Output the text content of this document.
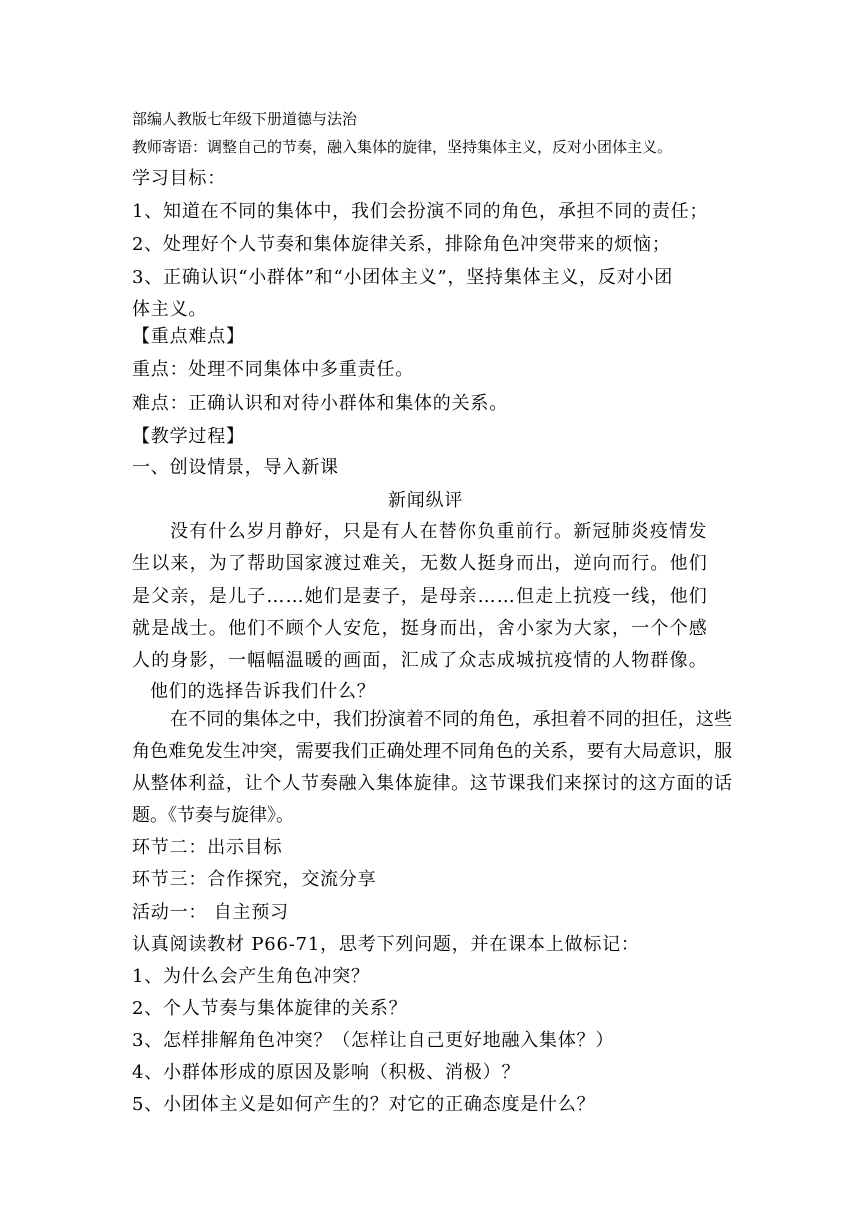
部编人教版七年级下册道德与法治
教师寄语：调整自己的节奏，融入集体的旋律，坚持集体主义，反对小团体主义。
学习目标：
1、知道在不同的集体中，我们会扮演不同的角色，承担不同的责任；
2、处理好个人节奏和集体旋律关系，排除角色冲突带来的烦恼；
3、正确认识“小群体”和“小团体主义”，坚持集体主义，反对小团
体主义。
【重点难点】
重点：处理不同集体中多重责任。
难点：正确认识和对待小群体和集体的关系。
【教学过程】
一、创设情景，导入新课
新闻纵评
没有什么岁月静好，只是有人在替你负重前行。新冠肺炎疫情发
生以来，为了帮助国家渡过难关，无数人挺身而出，逆向而行。他们
是父亲，是儿子……她们是妻子，是母亲……但走上抗疫一线，他们
就是战士。他们不顾个人安危，挺身而出，舍小家为大家，一个个感
人的身影，一幅幅温暖的画面，汇成了众志成城抗疫情的人物群像。
他们的选择告诉我们什么？

在不同的集体之中，我们扮演着不同的角色，承担着不同的担任，这些角色难免发生冲突，需要我们正确处理不同角色的关系，要有大局意识，服从整体利益，让个人节奏融入集体旋律。这节课我们来探讨的这方面的话题。《节奏与旋律》。

环节二：出示目标
环节三：合作探究，交流分享
活动一： 自主预习
认真阅读教材 P66-71，思考下列问题，并在课本上做标记：
1、为什么会产生角色冲突？
2、个人节奏与集体旋律的关系？
3、怎样排解角色冲突？（怎样让自己更好地融入集体？）
4、小群体形成的原因及影响（积极、消极）？
5、小团体主义是如何产生的？对它的正确态度是什么？
